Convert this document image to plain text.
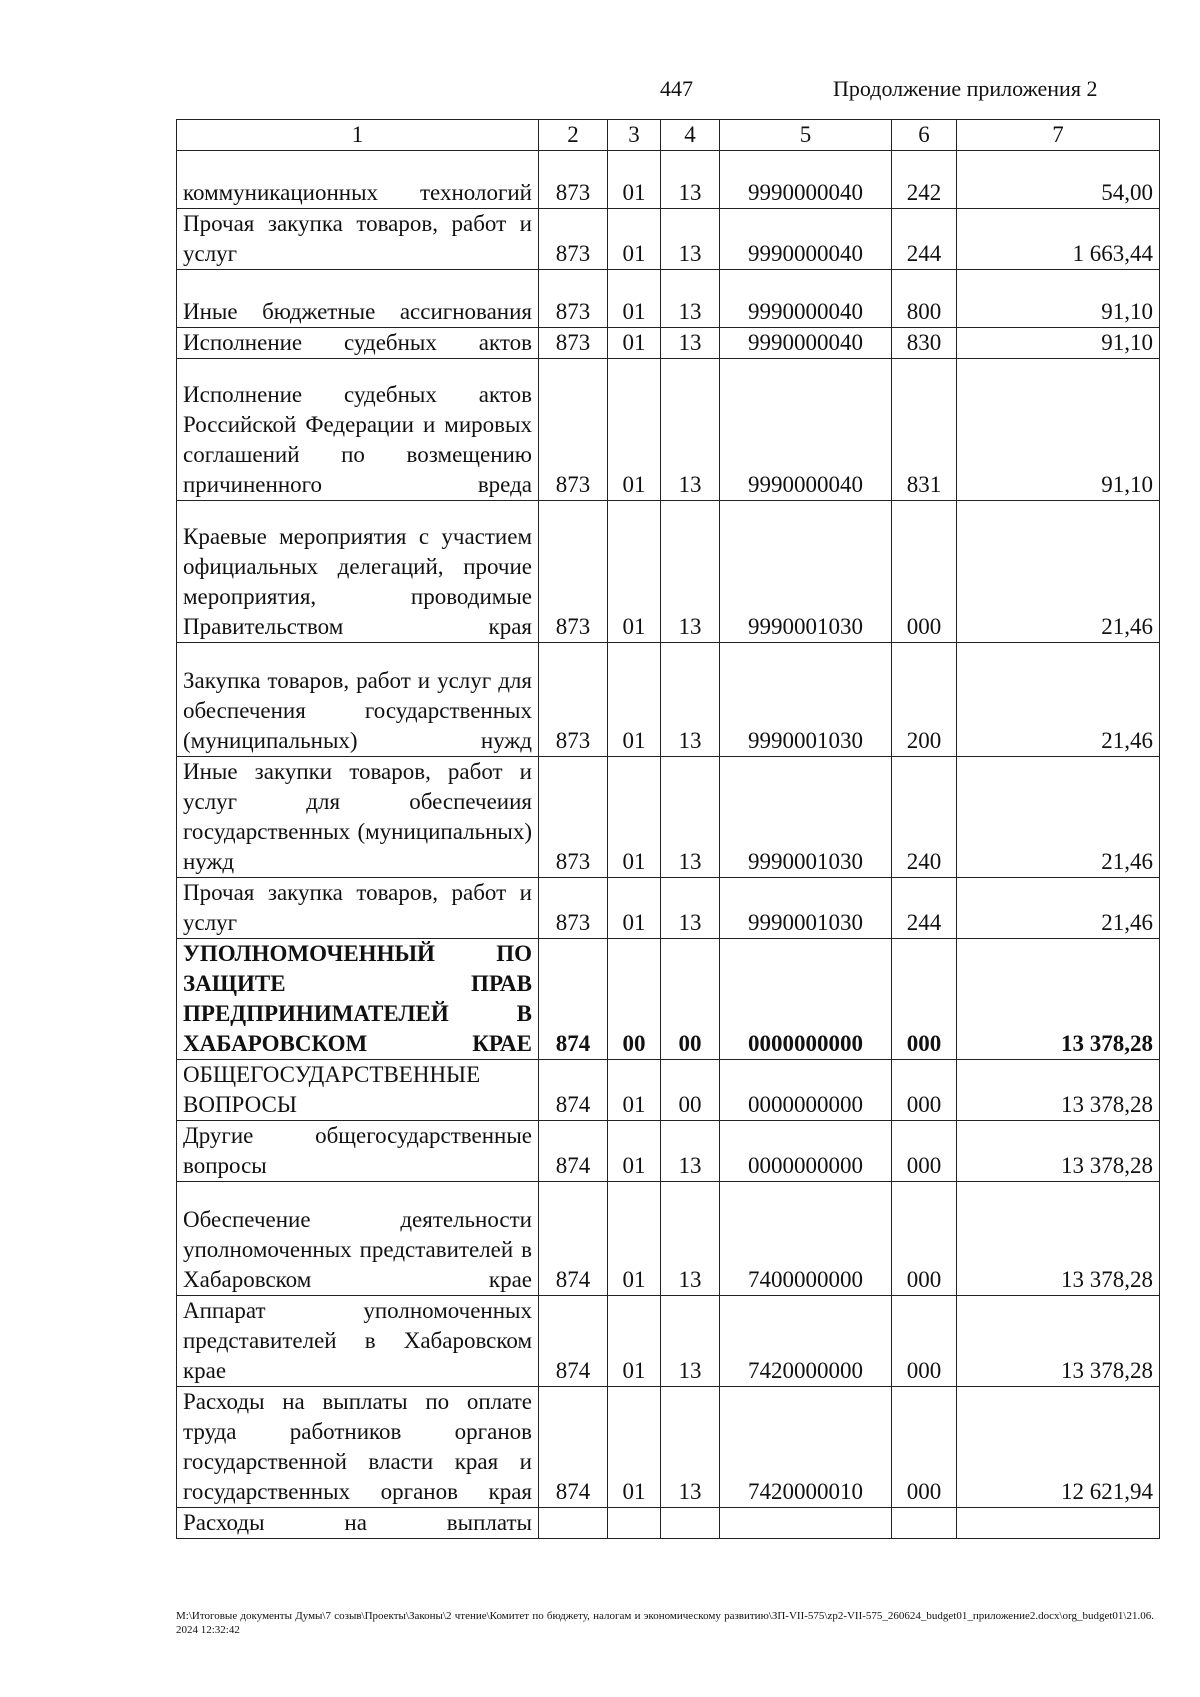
447	Продолжение приложения 2
1	2	3	4	5	6	7
коммуникационных технологий	873	01	13	9990000040	242	54,00
Прочая закупка товаров, работ и услуг	873	01	13	9990000040	244	1 663,44
Иные бюджетные ассигнования	873	01	13	9990000040	800	91,10
Исполнение судебных актов	873	01	13	9990000040	830	91,10
Исполнение судебных актов Российской Федерации и мировых соглашений по возмещению причиненного вреда	873	01	13	9990000040	831	91,10
Краевые мероприятия с участием официальных делегаций, прочие мероприятия, проводимые Правительством края	873	01	13	9990001030	000	21,46
Закупка товаров, работ и услуг для обеспечения государственных (муниципальных) нужд	873	01	13	9990001030	200	21,46
Иные закупки товаров, работ и услуг для обеспечеиия государственных (муниципальных) нужд	873	01	13	9990001030	240	21,46
Прочая закупка товаров, работ и услуг	873	01	13	9990001030	244	21,46
УПОЛНОМОЧЕННЫЙ ПО ЗАЩИТЕ ПРАВ ПРЕДПРИНИМАТЕЛЕЙ В ХАБАРОВСКОМ КРАЕ	874	00	00	0000000000	000	13 378,28
ОБЩЕГОСУДАРСТВЕННЫЕ ВОПРОСЫ	874	01	00	0000000000	000	13 378,28
Другие общегосударственные вопросы	874	01	13	0000000000	000	13 378,28
Обеспечение деятельности уполномоченных представителей в Хабаровском крае	874	01	13	7400000000	000	13 378,28
Аппарат уполномоченных представителей в Хабаровском крае	874	01	13	7420000000	000	13 378,28
Расходы на выплаты по оплате труда работников органов государственной власти края и государственных органов края	874	01	13	7420000010	000	12 621,94
Расходы на выплаты						
M:\Итоговые документы Думы\7 созыв\Проекты\Законы\2 чтение\Комитет по бюджету, налогам и экономическому развитию\ЗП-VII-575\zp2-VII-575_260624_budget01_приложение2.docx\org_budget01\21.06.2024 12:32:42
